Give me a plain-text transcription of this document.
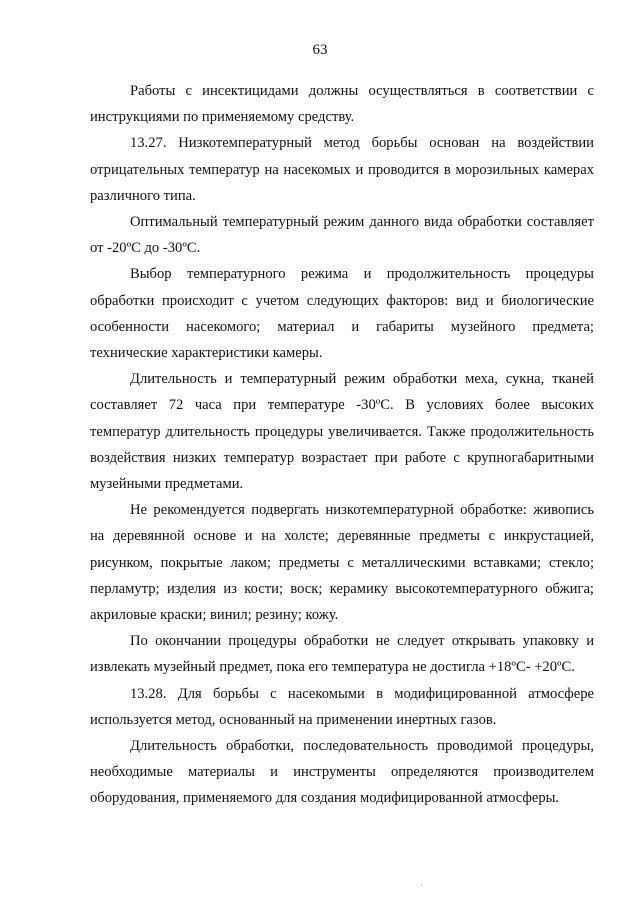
63

Работы с инсектицидами должны осуществляться в соответствии с инструкциями по применяемому средству.

13.27. Низкотемпературный метод борьбы основан на воздействии отрицательных температур на насекомых и проводится в морозильных камерах различного типа.

Оптимальный температурный режим данного вида обработки составляет от -20ºС до -30ºС.

Выбор температурного режима и продолжительность процедуры обработки происходит с учетом следующих факторов: вид и биологические особенности насекомого; материал и габариты музейного предмета; технические характеристики камеры.

Длительность и температурный режим обработки меха, сукна, тканей составляет 72 часа при температуре -30ºС. В условиях более высоких температур длительность процедуры увеличивается. Также продолжительность воздействия низких температур возрастает при работе с крупногабаритными музейными предметами.

Не рекомендуется подвергать низкотемпературной обработке: живопись на деревянной основе и на холсте; деревянные предметы с инкрустацией, рисунком, покрытые лаком; предметы с металлическими вставками; стекло; перламутр; изделия из кости; воск; керамику высокотемпературного обжига; акриловые краски; винил; резину; кожу.

По окончании процедуры обработки не следует открывать упаковку и извлекать музейный предмет, пока его температура не достигла +18ºС- +20ºС.

13.28. Для борьбы с насекомыми в модифицированной атмосфере используется метод, основанный на применении инертных газов.

Длительность обработки, последовательность проводимой процедуры, необходимые материалы и инструменты определяются производителем оборудования, применяемого для создания модифицированной атмосферы.

·
